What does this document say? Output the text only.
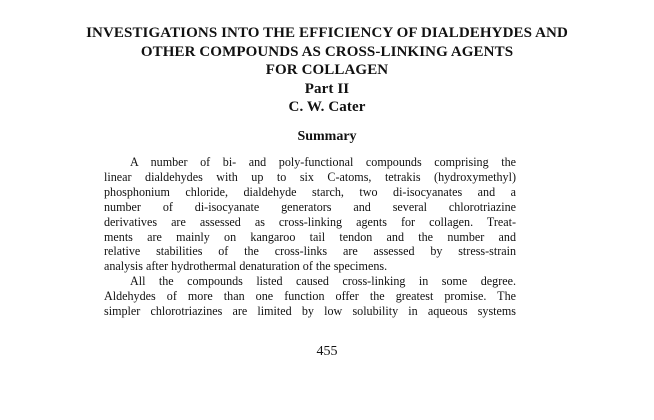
INVESTIGATIONS INTO THE EFFICIENCY OF DIALDEHYDES AND
OTHER COMPOUNDS AS CROSS-LINKING AGENTS
FOR COLLAGEN
Part II
C. W. Cater
Summary
A number of bi- and poly-functional compounds comprising the
linear dialdehydes with up to six C-atoms, tetrakis (hydroxymethyl)
phosphonium chloride, dialdehyde starch, two di-isocyanates and a
number of di-isocyanate generators and several chlorotriazine
derivatives are assessed as cross-linking agents for collagen. Treat-
ments are mainly on kangaroo tail tendon and the number and
relative stabilities of the cross-links are assessed by stress-strain
analysis after hydrothermal denaturation of the specimens.
All the compounds listed caused cross-linking in some degree.
Aldehydes of more than one function offer the greatest promise. The
simpler chlorotriazines are limited by low solubility in aqueous systems
455
